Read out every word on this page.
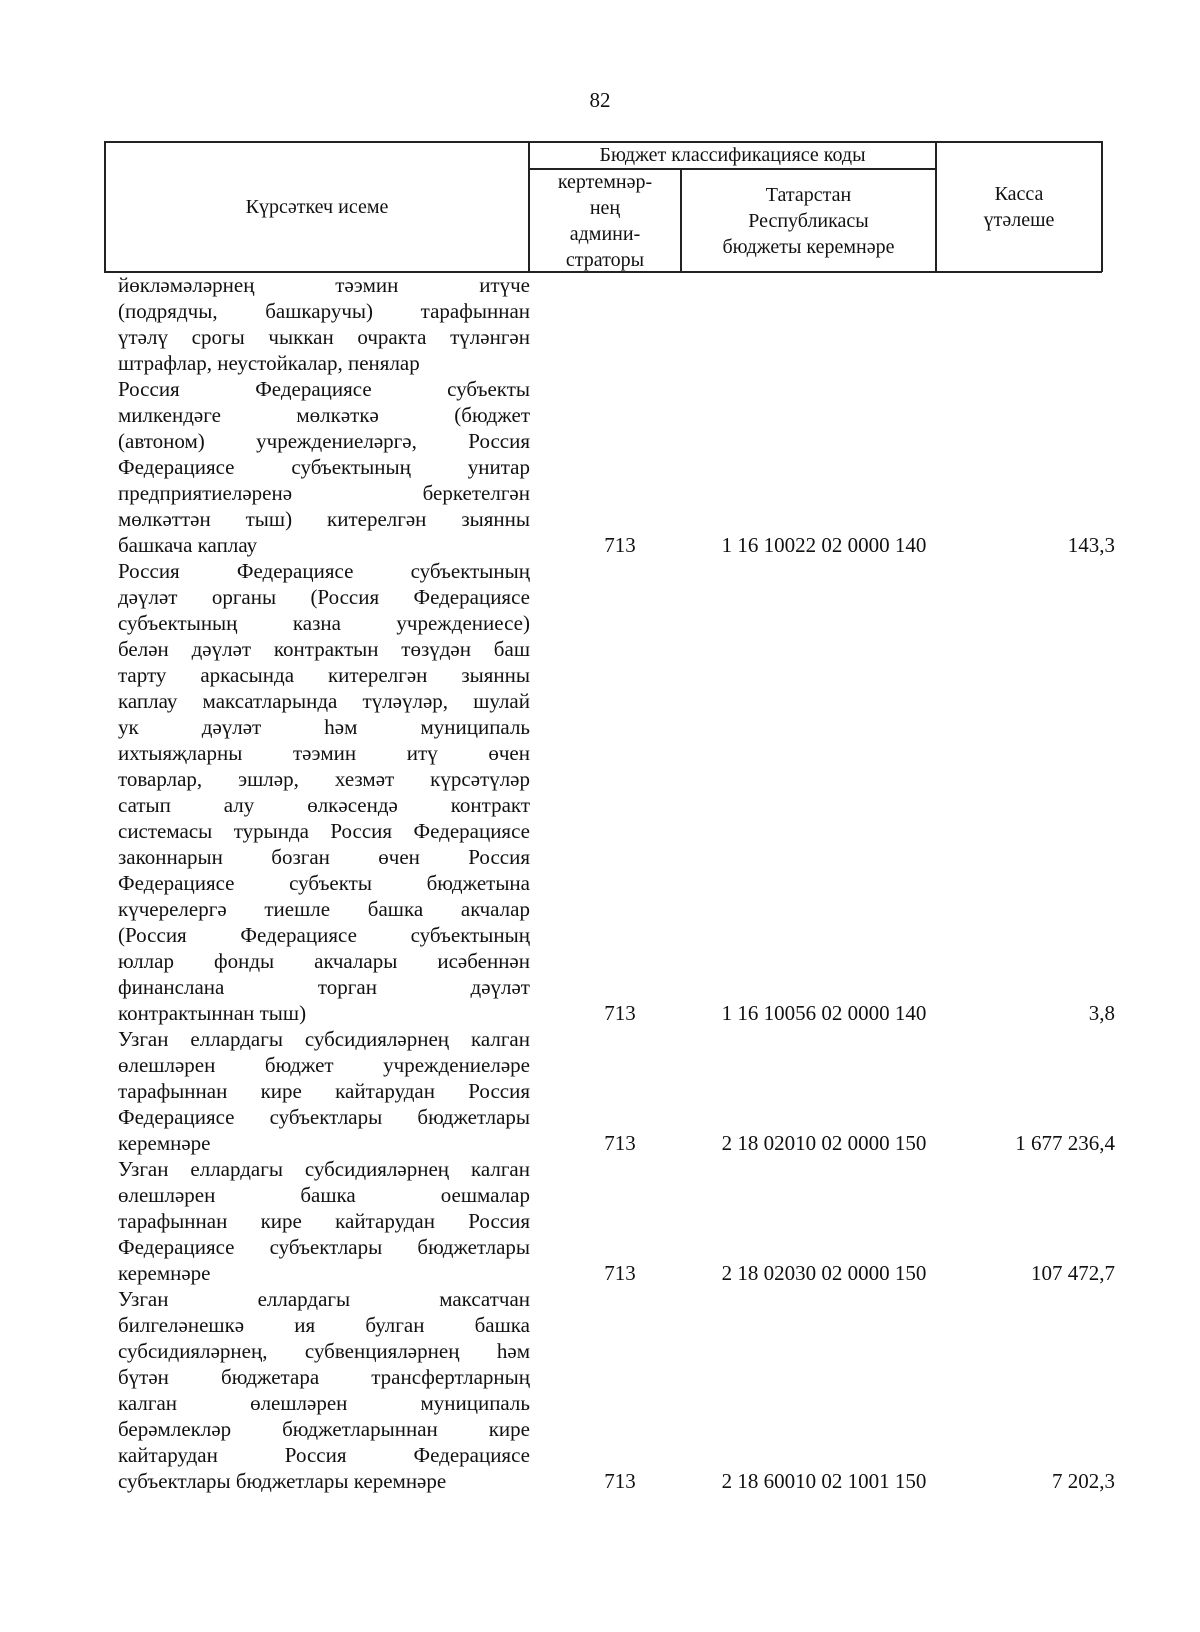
82
Күрсәткеч исеме
Бюджет классификациясе коды
кертемнәр-
нең
админи-
страторы
Татарстан
Республикасы
бюджеты керемнәре
Касса
үтәлеше
йөкләмәләрнең тәэмин итүче
(подрядчы, башкаручы) тарафыннан
үтәлү срогы чыккан очракта түләнгән
штрафлар, неустойкалар, пенялар
Россия Федерациясе субъекты
милкендәге мөлкәткә (бюджет
(автоном) учреждениеләргә, Россия
Федерациясе субъектының унитар
предприятиеләренә беркетелгән
мөлкәттән тыш) китерелгән зыянны
башкача каплау	713	1 16 10022 02 0000 140	143,3
Россия Федерациясе субъектының
дәүләт органы (Россия Федерациясе
субъектының казна учреждениесе)
белән дәүләт контрактын төзүдән баш
тарту аркасында китерелгән зыянны
каплау максатларында түләүләр, шулай
ук дәүләт һәм муниципаль
ихтыяҗларны тәэмин итү өчен
товарлар, эшләр, хезмәт күрсәтүләр
сатып алу өлкәсендә контракт
системасы турында Россия Федерациясе
законнарын бозган өчен Россия
Федерациясе субъекты бюджетына
күчерелергә тиешле башка акчалар
(Россия Федерациясе субъектының
юллар фонды акчалары исәбеннән
финанслана торган дәүләт
контрактыннан тыш)	713	1 16 10056 02 0000 140	3,8
Узган еллардагы субсидияләрнең калган
өлешләрен бюджет учреждениеләре
тарафыннан кире кайтарудан Россия
Федерациясе субъектлары бюджетлары
керемнәре	713	2 18 02010 02 0000 150	1 677 236,4
Узган еллардагы субсидияләрнең калган
өлешләрен башка оешмалар
тарафыннан кире кайтарудан Россия
Федерациясе субъектлары бюджетлары
керемнәре	713	2 18 02030 02 0000 150	107 472,7
Узган еллардагы максатчан
билгеләнешкә ия булган башка
субсидияләрнең, субвенцияләрнең һәм
бүтән бюджетара трансфертларның
калган өлешләрен муниципаль
берәмлекләр бюджетларыннан кире
кайтарудан Россия Федерациясе
субъектлары бюджетлары керемнәре	713	2 18 60010 02 1001 150	7 202,3
